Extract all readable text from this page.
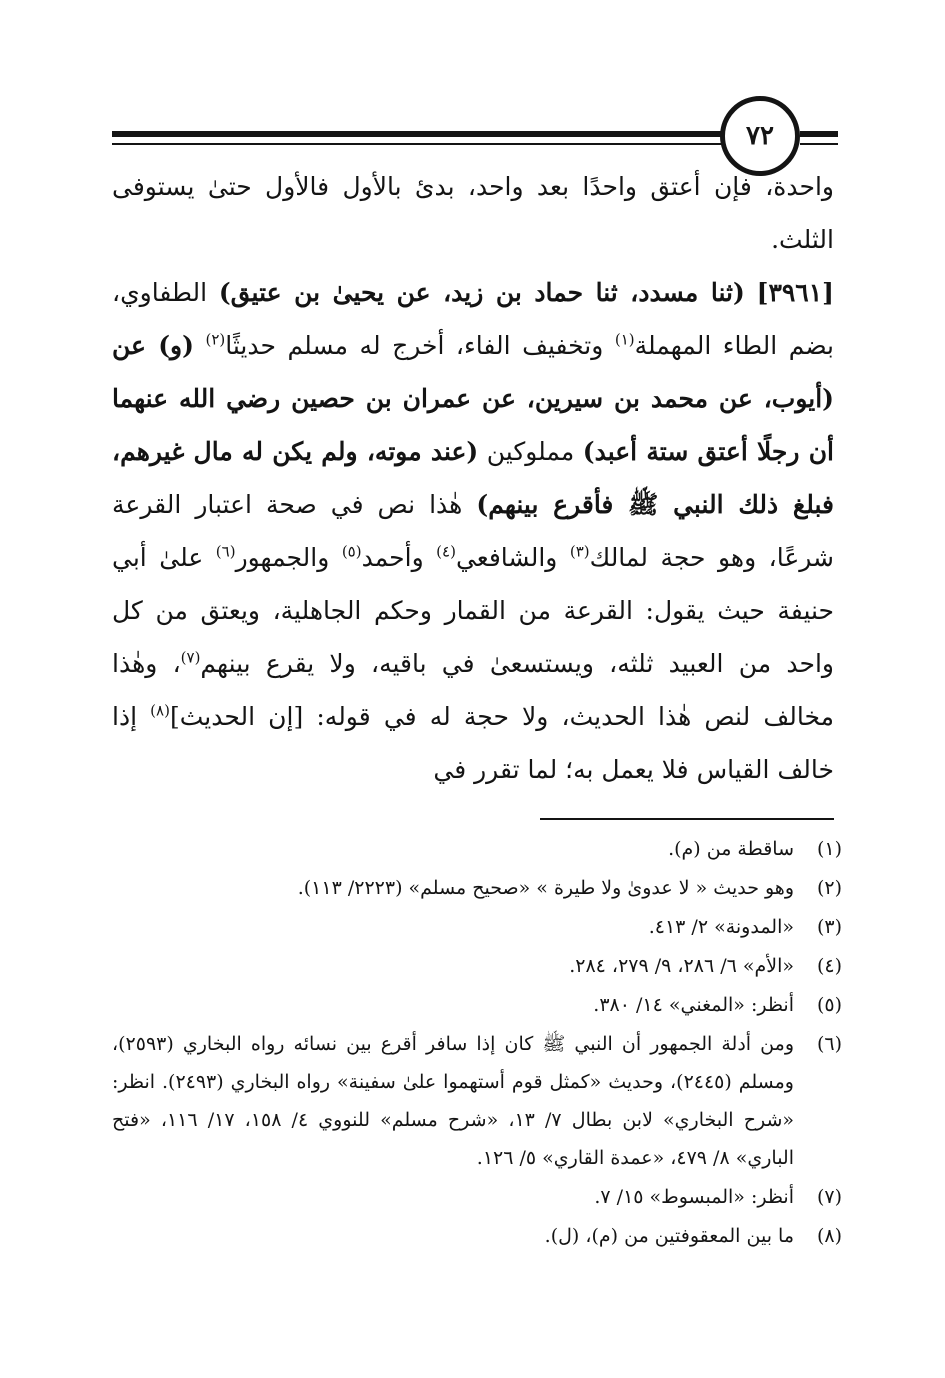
٧٢

واحدة، فإن أعتق واحدًا بعد واحد، بدئ بالأول فالأول حتىٰ يستوفى الثلث.

[٣٩٦١] (ثنا مسدد، ثنا حماد بن زيد، عن يحيىٰ بن عتيق) الطفاوي، بضم الطاء المهملة$^{(١)}$ وتخفيف الفاء، أخرج له مسلم حديثًا$^{(٢)}$ (و) عن (أيوب، عن محمد بن سيرين، عن عمران بن حصين رضي الله عنهما أن رجلًا أعتق ستة أعبد) مملوكين (عند موته، ولم يكن له مال غيرهم، فبلغ ذلك النبي ﷺ فأقرع بينهم) هٰذا نص في صحة اعتبار القرعة شرعًا، وهو حجة لمالك$^{(٣)}$ والشافعي$^{(٤)}$ وأحمد$^{(٥)}$ والجمهور$^{(٦)}$ علىٰ أبي حنيفة حيث يقول: القرعة من القمار وحكم الجاهلية، ويعتق من كل واحد من العبيد ثلثه، ويستسعىٰ في باقيه، ولا يقرع بينهم$^{(٧)}$، وهٰذا مخالف لنص هٰذا الحديث، ولا حجة له في قوله: [إن الحديث]$^{(٨)}$ إذا خالف القياس فلا يعمل به؛ لما تقرر في

(١)
ساقطة من (م).
(٢)
وهو حديث « لا عدوىٰ ولا طيرة » «صحيح مسلم» (٢٢٢٣/ ١١٣).
(٣)
«المدونة» ٢/ ٤١٣.
(٤)
«الأم» ٦/ ٢٨٦، ٩/ ٢٧٩، ٢٨٤.
(٥)
أنظر: «المغني» ١٤/ ٣٨٠.
(٦)
ومن أدلة الجمهور أن النبي ﷺ كان إذا سافر أقرع بين نسائه رواه البخاري (٢٥٩٣)، ومسلم (٢٤٤٥)، وحديث «كمثل قوم أستهموا علىٰ سفينة» رواه البخاري (٢٤٩٣). انظر: «شرح البخاري» لابن بطال ٧/ ١٣، «شرح مسلم» للنووي ٤/ ١٥٨، ١٧/ ١١٦، «فتح الباري» ٨/ ٤٧٩، «عمدة القاري» ٥/ ١٢٦.
(٧)
أنظر: «المبسوط» ١٥/ ٧.
(٨)
ما بين المعقوفتين من (م)، (ل).
